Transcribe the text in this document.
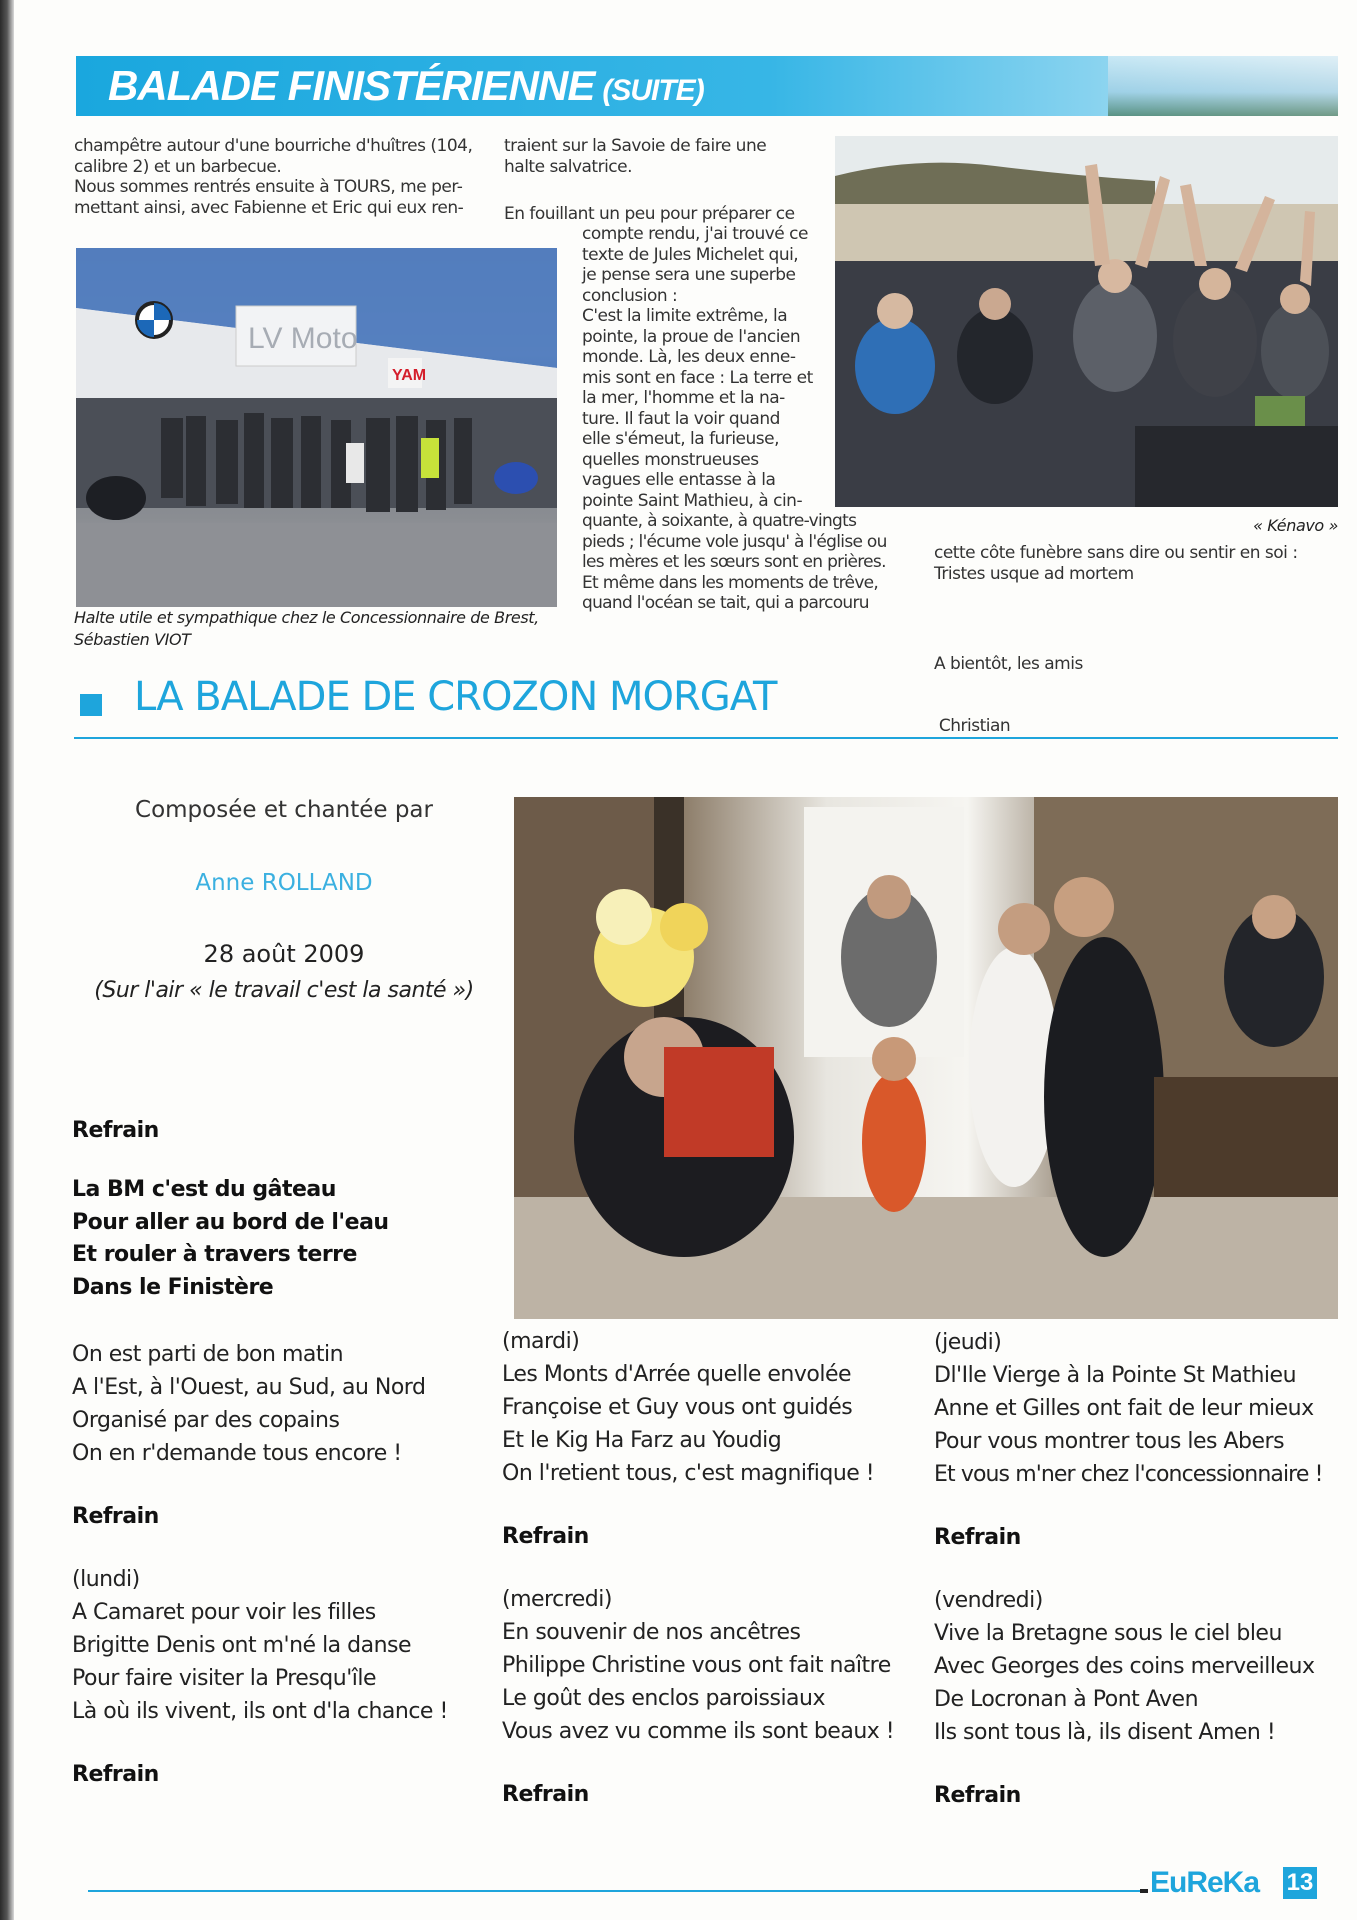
BALADE FINISTÉRIENNE (SUITE)
champêtre autour d'une bourriche d'huîtres (104,
calibre 2) et un barbecue.
Nous sommes rentrés ensuite à TOURS, me per-
mettant ainsi, avec Fabienne et Eric qui eux ren-
LV Moto
YAM
Halte utile et sympathique chez le Concessionnaire de Brest, Sébastien VIOT
traient sur la Savoie de faire une
halte salvatrice.
En fouillant un peu pour préparer ce
compte rendu, j'ai trouvé ce
texte de Jules Michelet qui,
je pense sera une superbe
conclusion :
C'est la limite extrême, la
pointe, la proue de l'ancien
monde. Là, les deux enne-
mis sont en face : La terre et
la mer, l'homme et la na-
ture. Il faut la voir quand
elle s'émeut, la furieuse,
quelles monstrueuses
vagues elle entasse à la
pointe Saint Mathieu, à cin-
quante, à soixante, à quatre-vingts
pieds ; l'écume vole jusqu' à l'église ou
les mères et les sœurs sont en prières.
Et même dans les moments de trêve,
quand l'océan se tait, qui a parcouru
« Kénavo »
cette côte funèbre sans dire ou sentir en soi :
Tristes usque ad mortem

A bientôt, les amis

Christian

LA BALADE DE CROZON MORGAT
Composée et chantée par
Anne ROLLAND
28 août 2009
(Sur l'air « le travail c'est la santé »)
Refrain
La BM c'est du gâteau
Pour aller au bord de l'eau
Et rouler à travers terre
Dans le Finistère
On est parti de bon matin
A l'Est, à l'Ouest, au Sud, au Nord
Organisé par des copains
On en r'demande tous encore !
Refrain
(lundi)
A Camaret pour voir les filles
Brigitte Denis ont m'né la danse
Pour faire visiter la Presqu'île
Là où ils vivent, ils ont d'la chance !
Refrain
(mardi)
Les Monts d'Arrée quelle envolée
Françoise et Guy vous ont guidés
Et le Kig Ha Farz au Youdig
On l'retient tous, c'est magnifique !
Refrain
(mercredi)
En souvenir de nos ancêtres
Philippe Christine vous ont fait naître
Le goût des enclos paroissiaux
Vous avez vu comme ils sont beaux !
Refrain
(jeudi)
Dl'Ile Vierge à la Pointe St Mathieu
Anne et Gilles ont fait de leur mieux
Pour vous montrer tous les Abers
Et vous m'ner chez l'concessionnaire !
Refrain
(vendredi)
Vive la Bretagne sous le ciel bleu
Avec Georges des coins merveilleux
De Locronan à Pont Aven
Ils sont tous là, ils disent Amen !
Refrain
EuReKa 13
